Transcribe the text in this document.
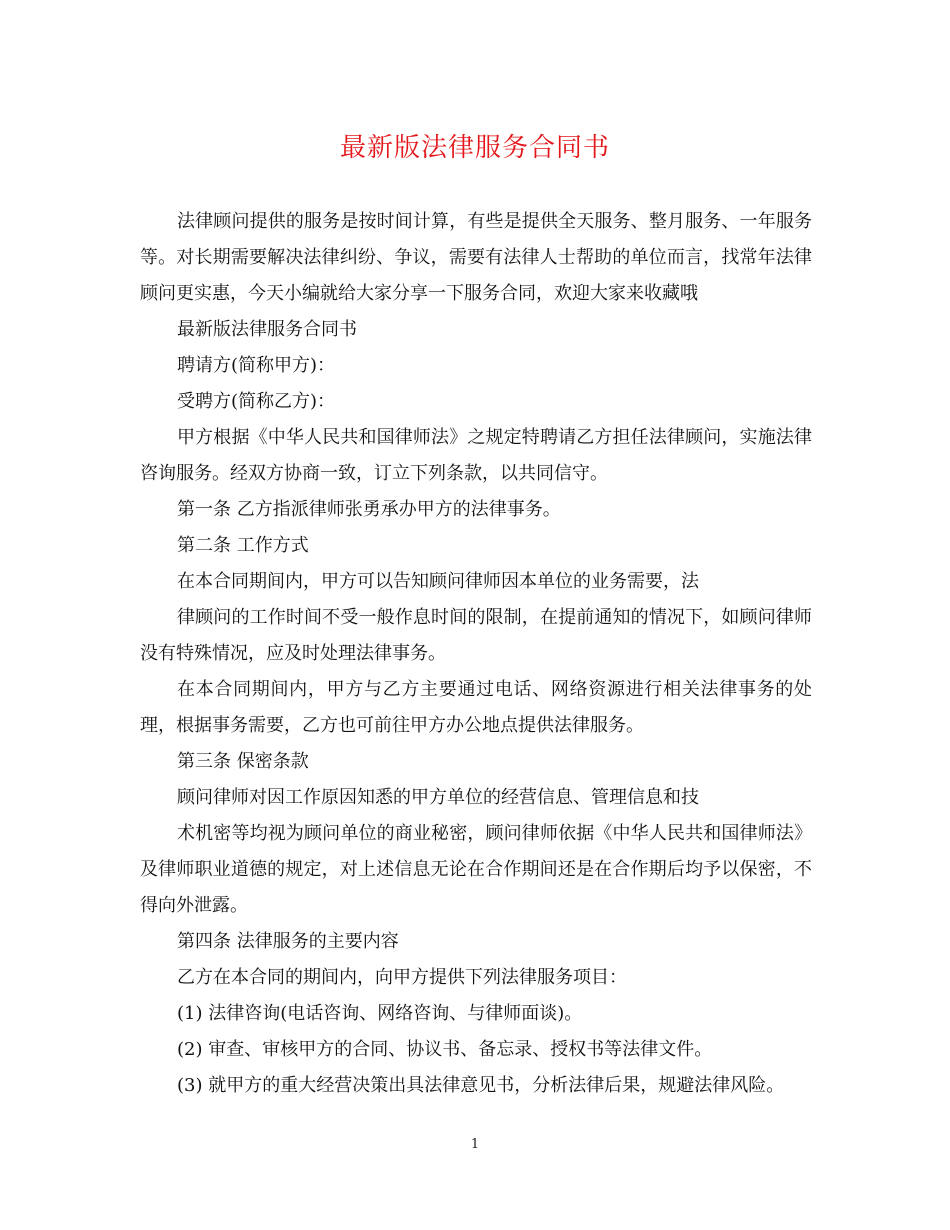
最新版法律服务合同书

法律顾问提供的服务是按时间计算，有些是提供全天服务、整月服务、一年服务等。对长期需要解决法律纠纷、争议，需要有法律人士帮助的单位而言，找常年法律顾问更实惠，今天小编就给大家分享一下服务合同，欢迎大家来收藏哦

最新版法律服务合同书

聘请方(简称甲方)：

受聘方(简称乙方)：

甲方根据《中华人民共和国律师法》之规定特聘请乙方担任法律顾问，实施法律咨询服务。经双方协商一致，订立下列条款，以共同信守。

第一条 乙方指派律师张勇承办甲方的法律事务。

第二条 工作方式

在本合同期间内，甲方可以告知顾问律师因本单位的业务需要，法

律顾问的工作时间不受一般作息时间的限制，在提前通知的情况下，如顾问律师没有特殊情况，应及时处理法律事务。

在本合同期间内，甲方与乙方主要通过电话、网络资源进行相关法律事务的处理，根据事务需要，乙方也可前往甲方办公地点提供法律服务。

第三条 保密条款

顾问律师对因工作原因知悉的甲方单位的经营信息、管理信息和技

术机密等均视为顾问单位的商业秘密，顾问律师依据《中华人民共和国律师法》及律师职业道德的规定，对上述信息无论在合作期间还是在合作期后均予以保密，不得向外泄露。

第四条 法律服务的主要内容

乙方在本合同的期间内，向甲方提供下列法律服务项目：

(1) 法律咨询(电话咨询、网络咨询、与律师面谈)。

(2) 审查、审核甲方的合同、协议书、备忘录、授权书等法律文件。

(3) 就甲方的重大经营决策出具法律意见书，分析法律后果，规避法律风险。

1
